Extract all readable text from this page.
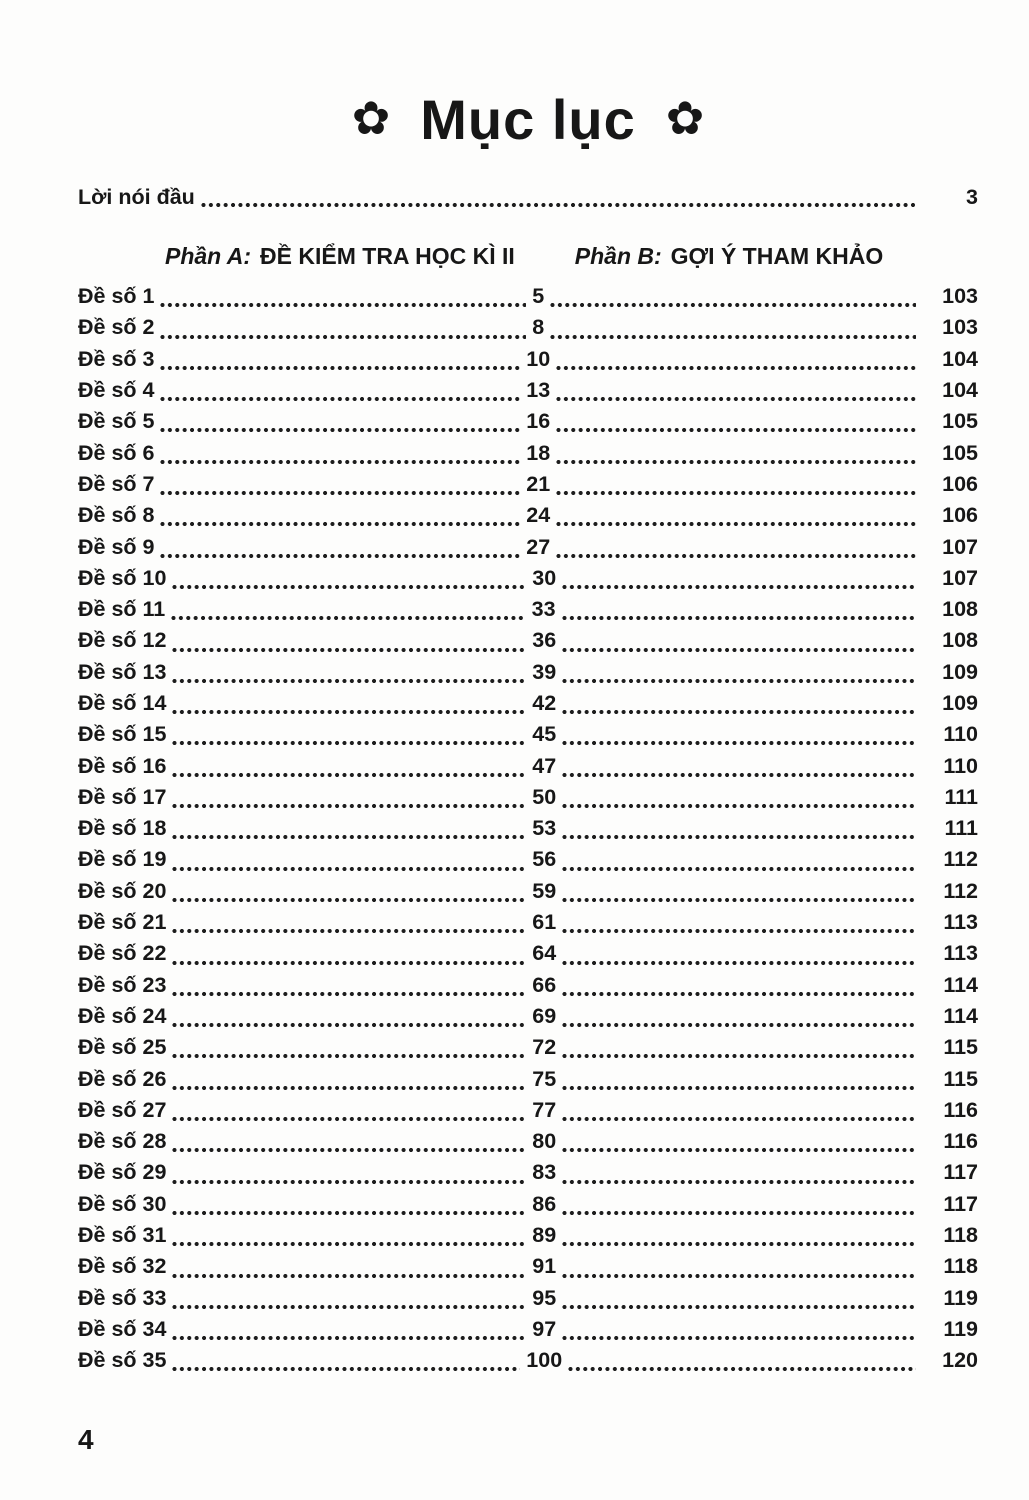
✿ Mục lục ✿
Lời nói đầu	3
Phần A: ĐỀ KIỂM TRA HỌC KÌ II	Phần B: GỢI Ý THAM KHẢO
Đề số 1	5	103
Đề số 2	8	103
Đề số 3	10	104
Đề số 4	13	104
Đề số 5	16	105
Đề số 6	18	105
Đề số 7	21	106
Đề số 8	24	106
Đề số 9	27	107
Đề số 10	30	107
Đề số 11	33	108
Đề số 12	36	108
Đề số 13	39	109
Đề số 14	42	109
Đề số 15	45	110
Đề số 16	47	110
Đề số 17	50	111
Đề số 18	53	111
Đề số 19	56	112
Đề số 20	59	112
Đề số 21	61	113
Đề số 22	64	113
Đề số 23	66	114
Đề số 24	69	114
Đề số 25	72	115
Đề số 26	75	115
Đề số 27	77	116
Đề số 28	80	116
Đề số 29	83	117
Đề số 30	86	117
Đề số 31	89	118
Đề số 32	91	118
Đề số 33	95	119
Đề số 34	97	119
Đề số 35	100	120
4
